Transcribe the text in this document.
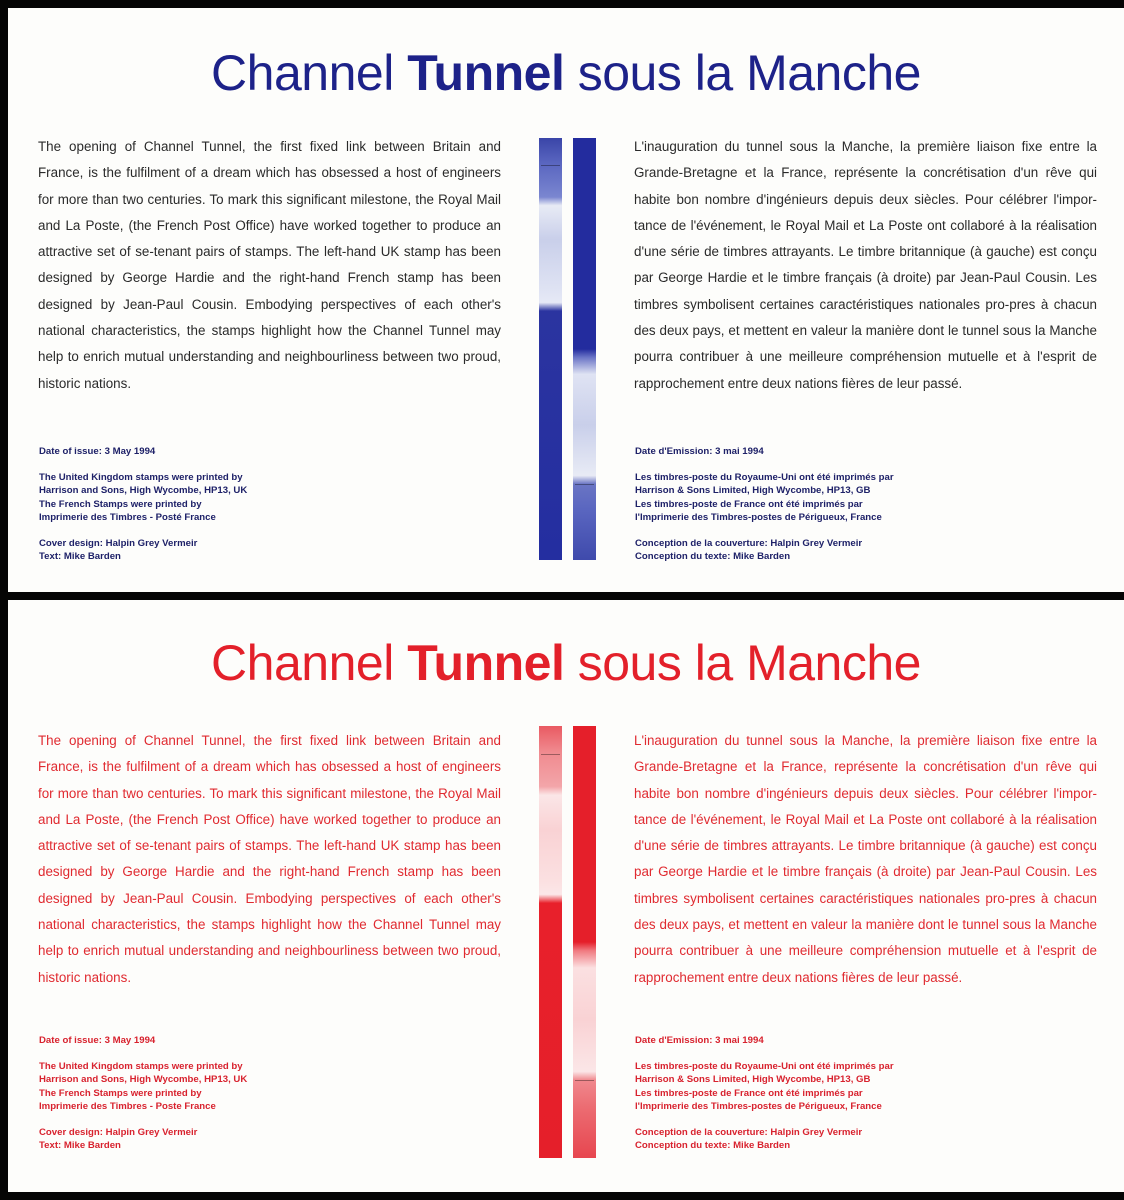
Channel Tunnel sous la Manche

The opening of Channel Tunnel, the first fixed link between Britain and France, is the fulfilment of a dream which has obsessed a host of engineers for more than two centuries. To mark this significant milestone, the Royal Mail and La Poste, (the French Post Office) have worked together to produce an attractive set of se-tenant pairs of stamps. The left-hand UK stamp has been designed by George Hardie and the right-hand French stamp has been designed by Jean-Paul Cousin. Embodying perspectives of each other's national characteristics, the stamps highlight how the Channel Tunnel may help to enrich mutual understanding and neighbourliness between two proud, historic nations.

L'inauguration du tunnel sous la Manche, la première liaison fixe entre la Grande-Bretagne et la France, représente la concrétisation d'un rêve qui habite bon nombre d'ingénieurs depuis deux siècles. Pour célébrer l'impor-tance de l'événement, le Royal Mail et La Poste ont collaboré à la réalisation d'une série de timbres attrayants. Le timbre britannique (à gauche) est conçu par George Hardie et le timbre français (à droite) par Jean-Paul Cousin. Les timbres symbolisent certaines caractéristiques nationales pro-pres à chacun des deux pays, et mettent en valeur la manière dont le tunnel sous la Manche pourra contribuer à une meilleure compréhension mutuelle et à l'esprit de rapprochement entre deux nations fières de leur passé.

Date of issue: 3 May 1994
The United Kingdom stamps were printed by
Harrison and Sons, High Wycombe, HP13, UK
The French Stamps were printed by
Imprimerie des Timbres - Posté France
Cover design: Halpin Grey Vermeir
Text: Mike Barden
Date d'Emission: 3 mai 1994
Les timbres-poste du Royaume-Uni ont été imprimés par
Harrison & Sons Limited, High Wycombe, HP13, GB
Les timbres-poste de France ont été imprimés par
l'Imprimerie des Timbres-postes de Périgueux, France
Conception de la couverture: Halpin Grey Vermeir
Conception du texte: Mike Barden
Channel Tunnel sous la Manche

The opening of Channel Tunnel, the first fixed link between Britain and France, is the fulfilment of a dream which has obsessed a host of engineers for more than two centuries. To mark this significant milestone, the Royal Mail and La Poste, (the French Post Office) have worked together to produce an attractive set of se-tenant pairs of stamps. The left-hand UK stamp has been designed by George Hardie and the right-hand French stamp has been designed by Jean-Paul Cousin. Embodying perspectives of each other's national characteristics, the stamps highlight how the Channel Tunnel may help to enrich mutual understanding and neighbourliness between two proud, historic nations.

L'inauguration du tunnel sous la Manche, la première liaison fixe entre la Grande-Bretagne et la France, représente la concrétisation d'un rêve qui habite bon nombre d'ingénieurs depuis deux siècles. Pour célébrer l'impor-tance de l'événement, le Royal Mail et La Poste ont collaboré à la réalisation d'une série de timbres attrayants. Le timbre britannique (à gauche) est conçu par George Hardie et le timbre français (à droite) par Jean-Paul Cousin. Les timbres symbolisent certaines caractéristiques nationales pro-pres à chacun des deux pays, et mettent en valeur la manière dont le tunnel sous la Manche pourra contribuer à une meilleure compréhension mutuelle et à l'esprit de rapprochement entre deux nations fières de leur passé.

Date of issue: 3 May 1994
The United Kingdom stamps were printed by
Harrison and Sons, High Wycombe, HP13, UK
The French Stamps were printed by
Imprimerie des Timbres - Poste France
Cover design: Halpin Grey Vermeir
Text: Mike Barden
Date d'Emission: 3 mai 1994
Les timbres-poste du Royaume-Uni ont été imprimés par
Harrison & Sons Limited, High Wycombe, HP13, GB
Les timbres-poste de France ont été imprimés par
l'Imprimerie des Timbres-postes de Périgueux, France
Conception de la couverture: Halpin Grey Vermeir
Conception du texte: Mike Barden
